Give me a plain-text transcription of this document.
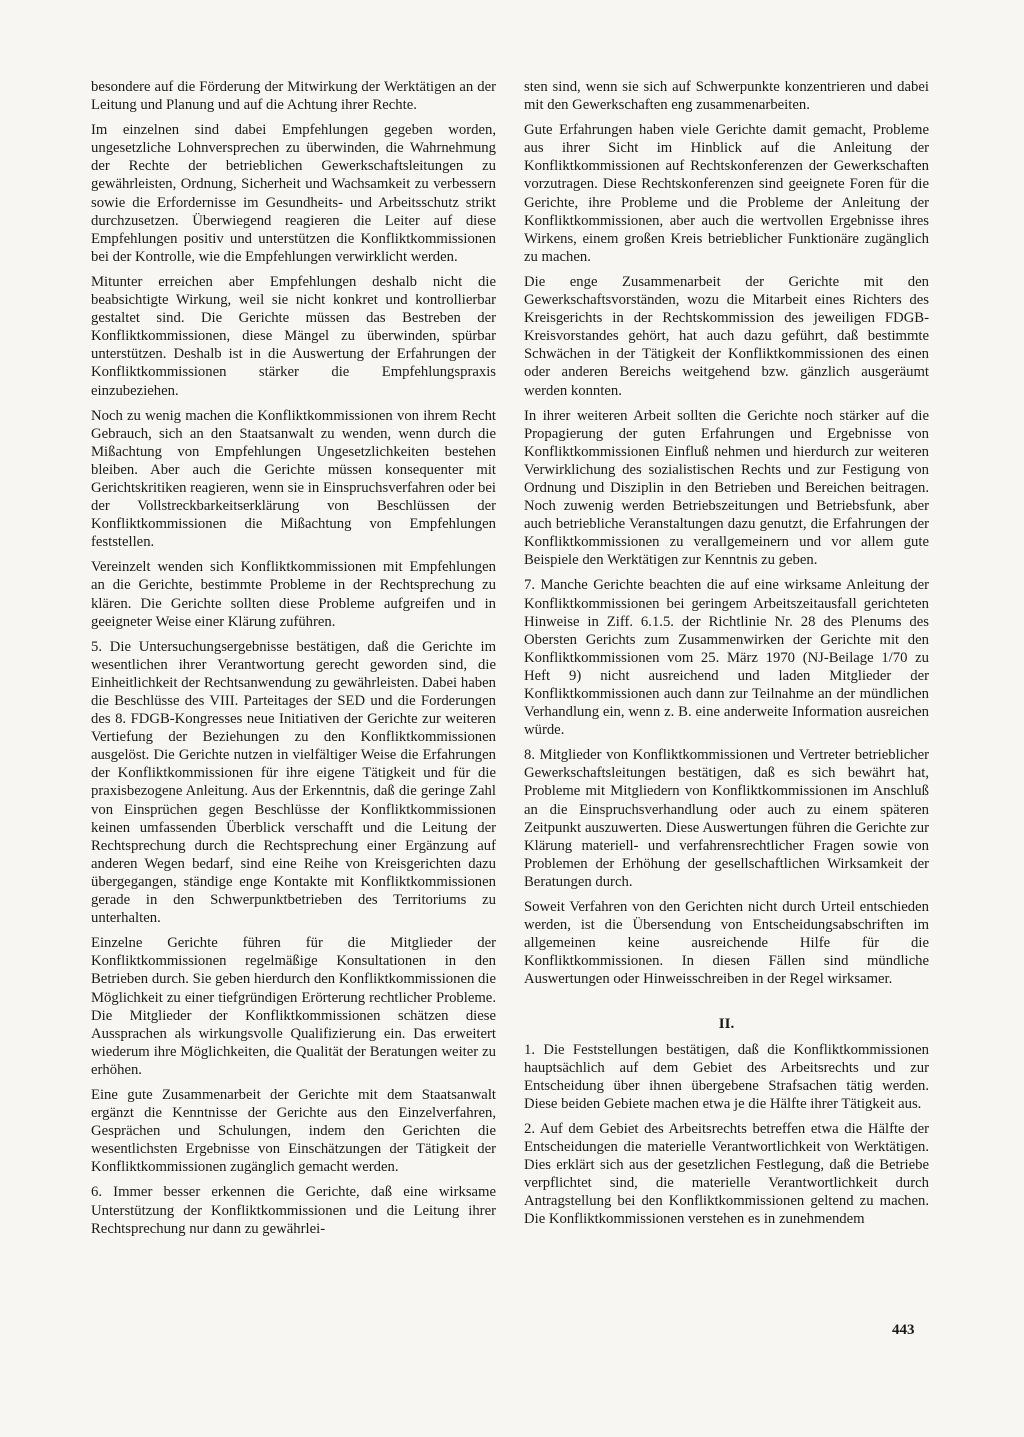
besondere auf die Förderung der Mitwirkung der Werktätigen an der Leitung und Planung und auf die Achtung ihrer Rechte.

Im einzelnen sind dabei Empfehlungen gegeben worden, ungesetzliche Lohnversprechen zu überwinden, die Wahrnehmung der Rechte der betrieblichen Gewerkschaftsleitungen zu gewährleisten, Ordnung, Sicherheit und Wachsamkeit zu verbessern sowie die Erfordernisse im Gesundheits- und Arbeitsschutz strikt durchzusetzen. Überwiegend reagieren die Leiter auf diese Empfehlungen positiv und unterstützen die Konfliktkommissionen bei der Kontrolle, wie die Empfehlungen verwirklicht werden.

Mitunter erreichen aber Empfehlungen deshalb nicht die beabsichtigte Wirkung, weil sie nicht konkret und kontrollierbar gestaltet sind. Die Gerichte müssen das Bestreben der Konfliktkommissionen, diese Mängel zu überwinden, spürbar unterstützen. Deshalb ist in die Auswertung der Erfahrungen der Konfliktkommissionen stärker die Empfehlungspraxis einzubeziehen.

Noch zu wenig machen die Konfliktkommissionen von ihrem Recht Gebrauch, sich an den Staatsanwalt zu wenden, wenn durch die Mißachtung von Empfehlungen Ungesetzlichkeiten bestehen bleiben. Aber auch die Gerichte müssen konsequenter mit Gerichtskritiken reagieren, wenn sie in Einspruchsverfahren oder bei der Vollstreckbarkeitserklärung von Beschlüssen der Konfliktkommissionen die Mißachtung von Empfehlungen feststellen.

Vereinzelt wenden sich Konfliktkommissionen mit Empfehlungen an die Gerichte, bestimmte Probleme in der Rechtsprechung zu klären. Die Gerichte sollten diese Probleme aufgreifen und in geeigneter Weise einer Klärung zuführen.

5. Die Untersuchungsergebnisse bestätigen, daß die Gerichte im wesentlichen ihrer Verantwortung gerecht geworden sind, die Einheitlichkeit der Rechtsanwendung zu gewährleisten. Dabei haben die Beschlüsse des VIII. Parteitages der SED und die Forderungen des 8. FDGB-Kongresses neue Initiativen der Gerichte zur weiteren Vertiefung der Beziehungen zu den Konfliktkommissionen ausgelöst. Die Gerichte nutzen in vielfältiger Weise die Erfahrungen der Konfliktkommissionen für ihre eigene Tätigkeit und für die praxisbezogene Anleitung. Aus der Erkenntnis, daß die geringe Zahl von Einsprüchen gegen Beschlüsse der Konfliktkommissionen keinen umfassenden Überblick verschafft und die Leitung der Rechtsprechung durch die Rechtsprechung einer Ergänzung auf anderen Wegen bedarf, sind eine Reihe von Kreisgerichten dazu übergegangen, ständige enge Kontakte mit Konfliktkommissionen gerade in den Schwerpunktbetrieben des Territoriums zu unterhalten.

Einzelne Gerichte führen für die Mitglieder der Konfliktkommissionen regelmäßige Konsultationen in den Betrieben durch. Sie geben hierdurch den Konfliktkommissionen die Möglichkeit zu einer tiefgründigen Erörterung rechtlicher Probleme. Die Mitglieder der Konfliktkommissionen schätzen diese Aussprachen als wirkungsvolle Qualifizierung ein. Das erweitert wiederum ihre Möglichkeiten, die Qualität der Beratungen weiter zu erhöhen.

Eine gute Zusammenarbeit der Gerichte mit dem Staatsanwalt ergänzt die Kenntnisse der Gerichte aus den Einzelverfahren, Gesprächen und Schulungen, indem den Gerichten die wesentlichsten Ergebnisse von Einschätzungen der Tätigkeit der Konfliktkommissionen zugänglich gemacht werden.

6. Immer besser erkennen die Gerichte, daß eine wirksame Unterstützung der Konfliktkommissionen und die Leitung ihrer Rechtsprechung nur dann zu gewährlei-

sten sind, wenn sie sich auf Schwerpunkte konzentrieren und dabei mit den Gewerkschaften eng zusammenarbeiten.

Gute Erfahrungen haben viele Gerichte damit gemacht, Probleme aus ihrer Sicht im Hinblick auf die Anleitung der Konfliktkommissionen auf Rechtskonferenzen der Gewerkschaften vorzutragen. Diese Rechtskonferenzen sind geeignete Foren für die Gerichte, ihre Probleme und die Probleme der Anleitung der Konfliktkommissionen, aber auch die wertvollen Ergebnisse ihres Wirkens, einem großen Kreis betrieblicher Funktionäre zugänglich zu machen.

Die enge Zusammenarbeit der Gerichte mit den Gewerkschaftsvorständen, wozu die Mitarbeit eines Richters des Kreisgerichts in der Rechtskommission des jeweiligen FDGB-Kreisvorstandes gehört, hat auch dazu geführt, daß bestimmte Schwächen in der Tätigkeit der Konfliktkommissionen des einen oder anderen Bereichs weitgehend bzw. gänzlich ausgeräumt werden konnten.

In ihrer weiteren Arbeit sollten die Gerichte noch stärker auf die Propagierung der guten Erfahrungen und Ergebnisse von Konfliktkommissionen Einfluß nehmen und hierdurch zur weiteren Verwirklichung des sozialistischen Rechts und zur Festigung von Ordnung und Disziplin in den Betrieben und Bereichen beitragen. Noch zuwenig werden Betriebszeitungen und Betriebsfunk, aber auch betriebliche Veranstaltungen dazu genutzt, die Erfahrungen der Konfliktkommissionen zu verallgemeinern und vor allem gute Beispiele den Werktätigen zur Kenntnis zu geben.

7. Manche Gerichte beachten die auf eine wirksame Anleitung der Konfliktkommissionen bei geringem Arbeitszeitausfall gerichteten Hinweise in Ziff. 6.1.5. der Richtlinie Nr. 28 des Plenums des Obersten Gerichts zum Zusammenwirken der Gerichte mit den Konfliktkommissionen vom 25. März 1970 (NJ-Beilage 1/70 zu Heft 9) nicht ausreichend und laden Mitglieder der Konfliktkommissionen auch dann zur Teilnahme an der mündlichen Verhandlung ein, wenn z. B. eine anderweite Information ausreichen würde.

8. Mitglieder von Konfliktkommissionen und Vertreter betrieblicher Gewerkschaftsleitungen bestätigen, daß es sich bewährt hat, Probleme mit Mitgliedern von Konfliktkommissionen im Anschluß an die Einspruchsverhandlung oder auch zu einem späteren Zeitpunkt auszuwerten. Diese Auswertungen führen die Gerichte zur Klärung materiell- und verfahrensrechtlicher Fragen sowie von Problemen der Erhöhung der gesellschaftlichen Wirksamkeit der Beratungen durch.

Soweit Verfahren von den Gerichten nicht durch Urteil entschieden werden, ist die Übersendung von Entscheidungsabschriften im allgemeinen keine ausreichende Hilfe für die Konfliktkommissionen. In diesen Fällen sind mündliche Auswertungen oder Hinweisschreiben in der Regel wirksamer.

II.

1. Die Feststellungen bestätigen, daß die Konfliktkommissionen hauptsächlich auf dem Gebiet des Arbeitsrechts und zur Entscheidung über ihnen übergebene Strafsachen tätig werden. Diese beiden Gebiete machen etwa je die Hälfte ihrer Tätigkeit aus.

2. Auf dem Gebiet des Arbeitsrechts betreffen etwa die Hälfte der Entscheidungen die materielle Verantwortlichkeit von Werktätigen. Dies erklärt sich aus der gesetzlichen Festlegung, daß die Betriebe verpflichtet sind, die materielle Verantwortlichkeit durch Antragstellung bei den Konfliktkommissionen geltend zu machen. Die Konfliktkommissionen verstehen es in zunehmendem

443
